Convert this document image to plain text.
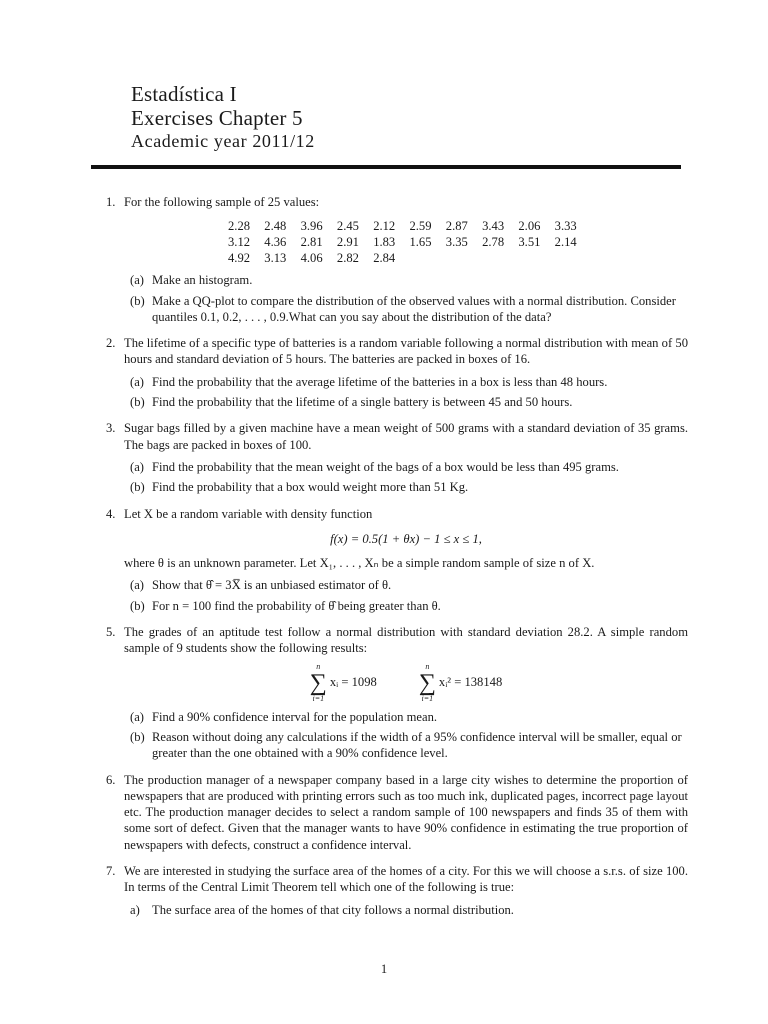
Estadística I
Exercises Chapter 5
Academic year 2011/12
1. For the following sample of 25 values:

2.28	2.48	3.96	2.45	2.12	2.59	2.87	3.43	2.06	3.33
3.12	4.36	2.81	2.91	1.83	1.65	3.35	2.78	3.51	2.14
4.92	3.13	4.06	2.82	2.84
(a) Make an histogram.
(b) Make a QQ-plot to compare the distribution of the observed values with a normal distribution. Consider quantiles 0.1, 0.2, . . . , 0.9.What can you say about the distribution of the data?
2. The lifetime of a specific type of batteries is a random variable following a normal distribution with mean of 50 hours and standard deviation of 5 hours. The batteries are packed in boxes of 16.

(a) Find the probability that the average lifetime of the batteries in a box is less than 48 hours.
(b) Find the probability that the lifetime of a single battery is between 45 and 50 hours.
3. Sugar bags filled by a given machine have a mean weight of 500 grams with a standard deviation of 35 grams. The bags are packed in boxes of 100.

(a) Find the probability that the mean weight of the bags of a box would be less than 495 grams.
(b) Find the probability that a box would weight more than 51 Kg.
4. Let X be a random variable with density function

f(x) = 0.5(1 + θx) − 1 ≤ x ≤ 1,

where θ is an unknown parameter. Let X₁, . . . , Xₙ be a simple random sample of size n of X.

(a) Show that θ̂ = 3X̅ is an unbiased estimator of θ.
(b) For n = 100 find the probability of θ̂ being greater than θ.
5. The grades of an aptitude test follow a normal distribution with standard deviation 28.2. A simple random sample of 9 students show the following results:

n
∑
i=1
xᵢ = 1098
n
∑
i=1
xᵢ² = 138148
(a) Find a 90% confidence interval for the population mean.
(b) Reason without doing any calculations if the width of a 95% confidence interval will be smaller, equal or greater than the one obtained with a 90% confidence level.
6. The production manager of a newspaper company based in a large city wishes to determine the proportion of newspapers that are produced with printing errors such as too much ink, duplicated pages, incorrect page layout etc. The production manager decides to select a random sample of 100 newspapers and finds 35 of them with some sort of defect. Given that the manager wants to have 90% confidence in estimating the true proportion of newspapers with defects, construct a confidence interval.

7. We are interested in studying the surface area of the homes of a city. For this we will choose a s.r.s. of size 100. In terms of the Central Limit Theorem tell which one of the following is true:

a) The surface area of the homes of that city follows a normal distribution.
1
